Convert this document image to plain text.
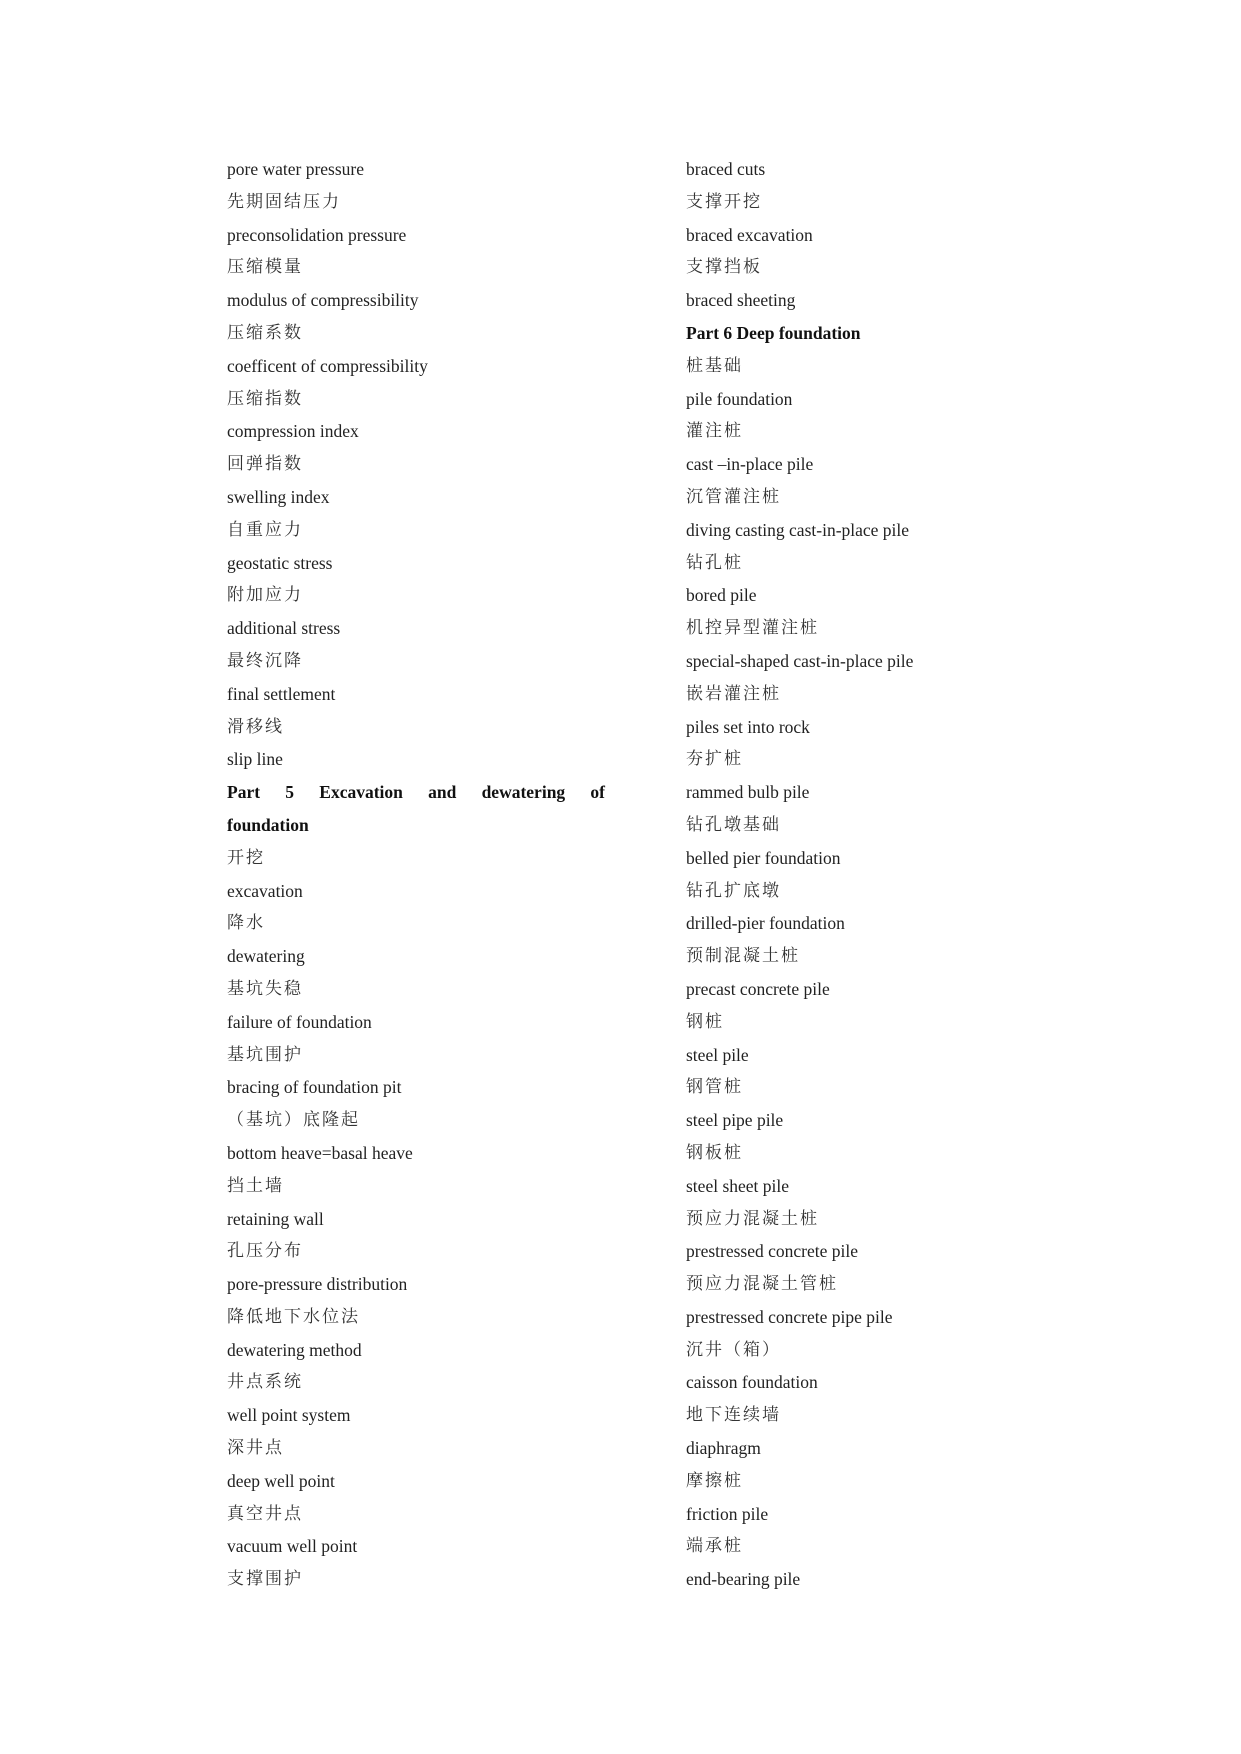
pore water pressure
先期固结压力
preconsolidation pressure
压缩模量
modulus of compressibility
压缩系数
coefficent of compressibility
压缩指数
compression index
回弹指数
swelling index
自重应力
geostatic stress
附加应力
additional stress
最终沉降
final settlement
滑移线
slip line
Part 5 Excavation and dewatering of
foundation
开挖
excavation
降水
dewatering
基坑失稳
failure of foundation
基坑围护
bracing of foundation pit
（基坑）底隆起
bottom heave=basal heave
挡土墙
retaining wall
孔压分布
pore-pressure distribution
降低地下水位法
dewatering method
井点系统
well point system
深井点
deep well point
真空井点
vacuum well point
支撑围护
braced cuts
支撑开挖
braced excavation
支撑挡板
braced sheeting
Part 6 Deep foundation
桩基础
pile foundation
灌注桩
cast –in-place pile
沉管灌注桩
diving casting cast-in-place pile
钻孔桩
bored pile
机控异型灌注桩
special-shaped cast-in-place pile
嵌岩灌注桩
piles set into rock
夯扩桩
rammed bulb pile
钻孔墩基础
belled pier foundation
钻孔扩底墩
drilled-pier foundation
预制混凝土桩
precast concrete pile
钢桩
steel pile
钢管桩
steel pipe pile
钢板桩
steel sheet pile
预应力混凝土桩
prestressed concrete pile
预应力混凝土管桩
prestressed concrete pipe pile
沉井（箱）
caisson foundation
地下连续墙
diaphragm
摩擦桩
friction pile
端承桩
end-bearing pile
